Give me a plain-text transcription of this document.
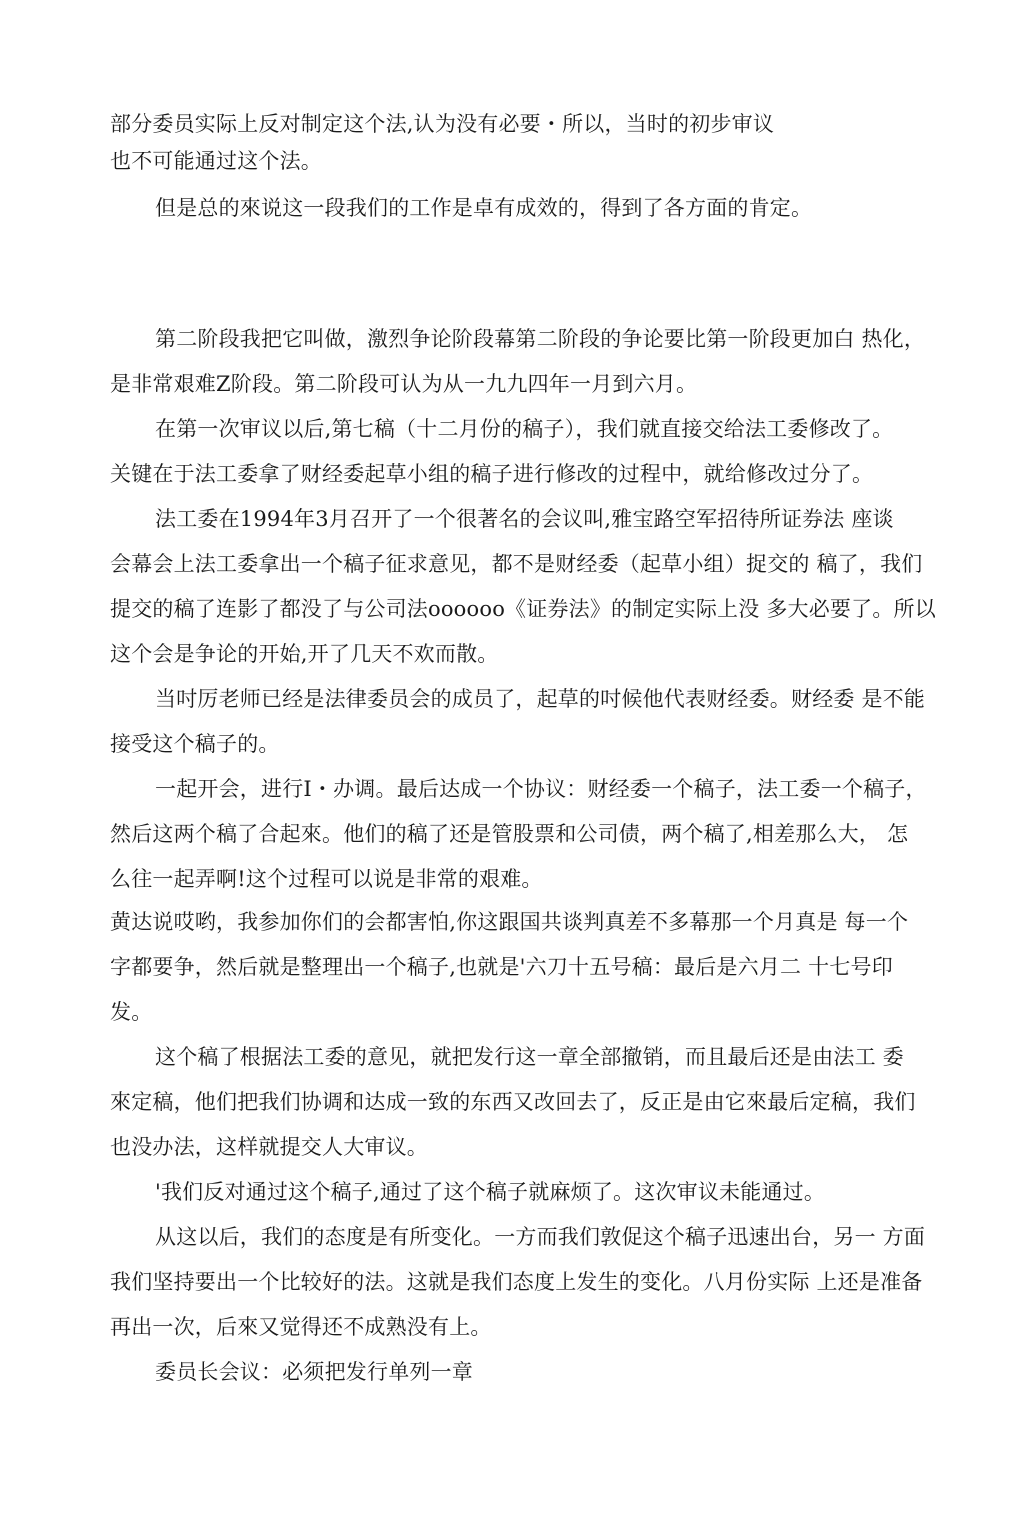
部分委员实际上反对制定这个法,认为没有必要・所以，当时的初步审议
也不可能通过这个法。
但是总的來说这一段我们的工作是卓有成效的，得到了各方面的肯定。
第二阶段我把它叫做，激烈争论阶段幕第二阶段的争论要比第一阶段更加白 热化，
是非常艰难Z阶段。第二阶段可认为从一九九四年一月到六月。
在第一次审议以后,第七稿（十二月份的稿子），我们就直接交给法工委修改了。
关键在于法工委拿了财经委起草小组的稿子进行修改的过程中，就给修改过分了。
法工委在1994年3月召开了一个很著名的会议叫,雅宝路空军招待所证券法 座谈
会幕会上法工委拿出一个稿子征求意见，都不是财经委（起草小组）捉交的 稿了，我们
提交的稿了连影了都没了与公司法oooooo《证券法》的制定实际上没 多大必要了。所以
这个会是争论的开始,开了几天不欢而散。
当吋厉老师已经是法律委员会的成员了，起草的吋候他代表财经委。财经委 是不能
接受这个稿子的。
一起开会，进行I・办调。最后达成一个协议：财经委一个稿子，法工委一个稿子，
然后这两个稿了合起來。他们的稿了还是管股票和公司债，两个稿了,相差那么大， 怎
么往一起弄啊!这个过程可以说是非常的艰难。
黄达说哎哟，我参加你们的会都害怕,你这跟国共谈判真差不多幕那一个月真是 每一个
字都要争，然后就是整理出一个稿子,也就是'六刀十五号稿：最后是六月二 十七号印
发。
这个稿了根据法工委的意见，就把发行这一章全部撤销，而且最后还是由法工 委
來定稿，他们把我们协调和达成一致的东西又改回去了，反正是由它來最后定稿，我们
也没办法，这样就提交人大审议。
'我们反对通过这个稿子,通过了这个稿子就麻烦了。这次审议未能通过。
从这以后，我们的态度是有所变化。一方而我们敦促这个稿子迅速出台，另一 方面
我们坚持要出一个比较好的法。这就是我们态度上发生的变化。八月份实际 上还是准备
再出一次，后來又觉得还不成熟没有上。
委员长会议：必须把发行单列一章
